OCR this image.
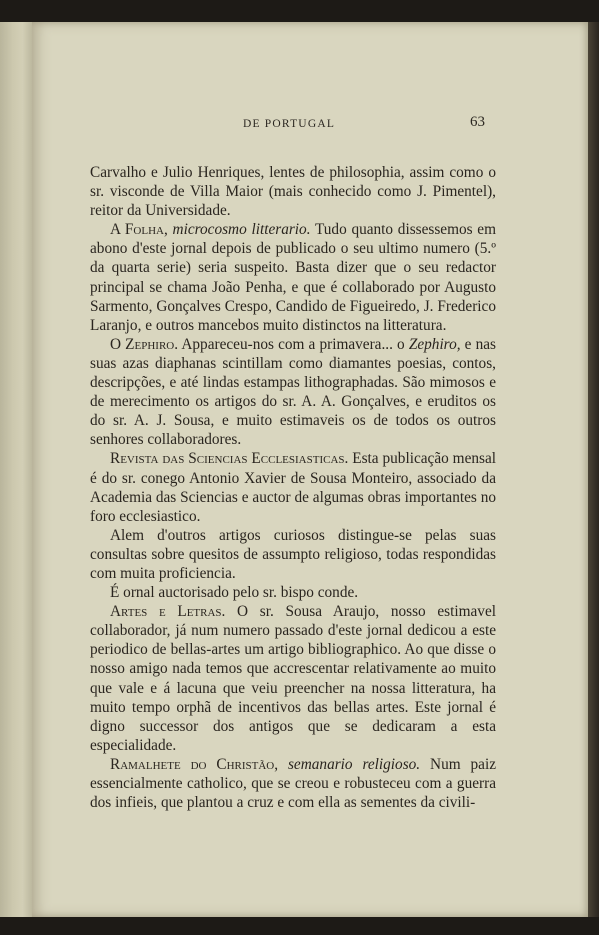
DE PORTUGAL	63

Carvalho e Julio Henriques, lentes de philosophia, assim como o sr. visconde de Villa Maior (mais conhecido como J. Pimentel), reitor da Universidade.

A Folha, microcosmo litterario. Tudo quanto dissessemos em abono d'este jornal depois de publicado o seu ultimo numero (5.º da quarta serie) seria suspeito. Basta dizer que o seu redactor principal se chama João Penha, e que é collaborado por Augusto Sarmento, Gonçalves Crespo, Candido de Figueiredo, J. Frederico Laranjo, e outros mancebos muito distinctos na litteratura.

O Zephiro. Appareceu-nos com a primavera... o Zephiro, e nas suas azas diaphanas scintillam como diamantes poesias, contos, descripções, e até lindas estampas lithographadas. São mimosos e de merecimento os artigos do sr. A. A. Gonçalves, e eruditos os do sr. A. J. Sousa, e muito estimaveis os de todos os outros senhores collaboradores.

Revista das Sciencias Ecclesiasticas. Esta publicação mensal é do sr. conego Antonio Xavier de Sousa Monteiro, associado da Academia das Sciencias e auctor de algumas obras importantes no foro ecclesiastico.

Alem d'outros artigos curiosos distingue-se pelas suas consultas sobre quesitos de assumpto religioso, todas respondidas com muita proficiencia.

É ornal auctorisado pelo sr. bispo conde.

Artes e Letras. O sr. Sousa Araujo, nosso estimavel collaborador, já num numero passado d'este jornal dedicou a este periodico de bellas-artes um artigo bibliographico. Ao que disse o nosso amigo nada temos que accrescentar relativamente ao muito que vale e á lacuna que veiu preencher na nossa litteratura, ha muito tempo orphã de incentivos das bellas artes. Este jornal é digno successor dos antigos que se dedicaram a esta especialidade.

Ramalhete do Christão, semanario religioso. Num paiz essencialmente catholico, que se creou e robusteceu com a guerra dos infieis, que plantou a cruz e com ella as sementes da civili-
